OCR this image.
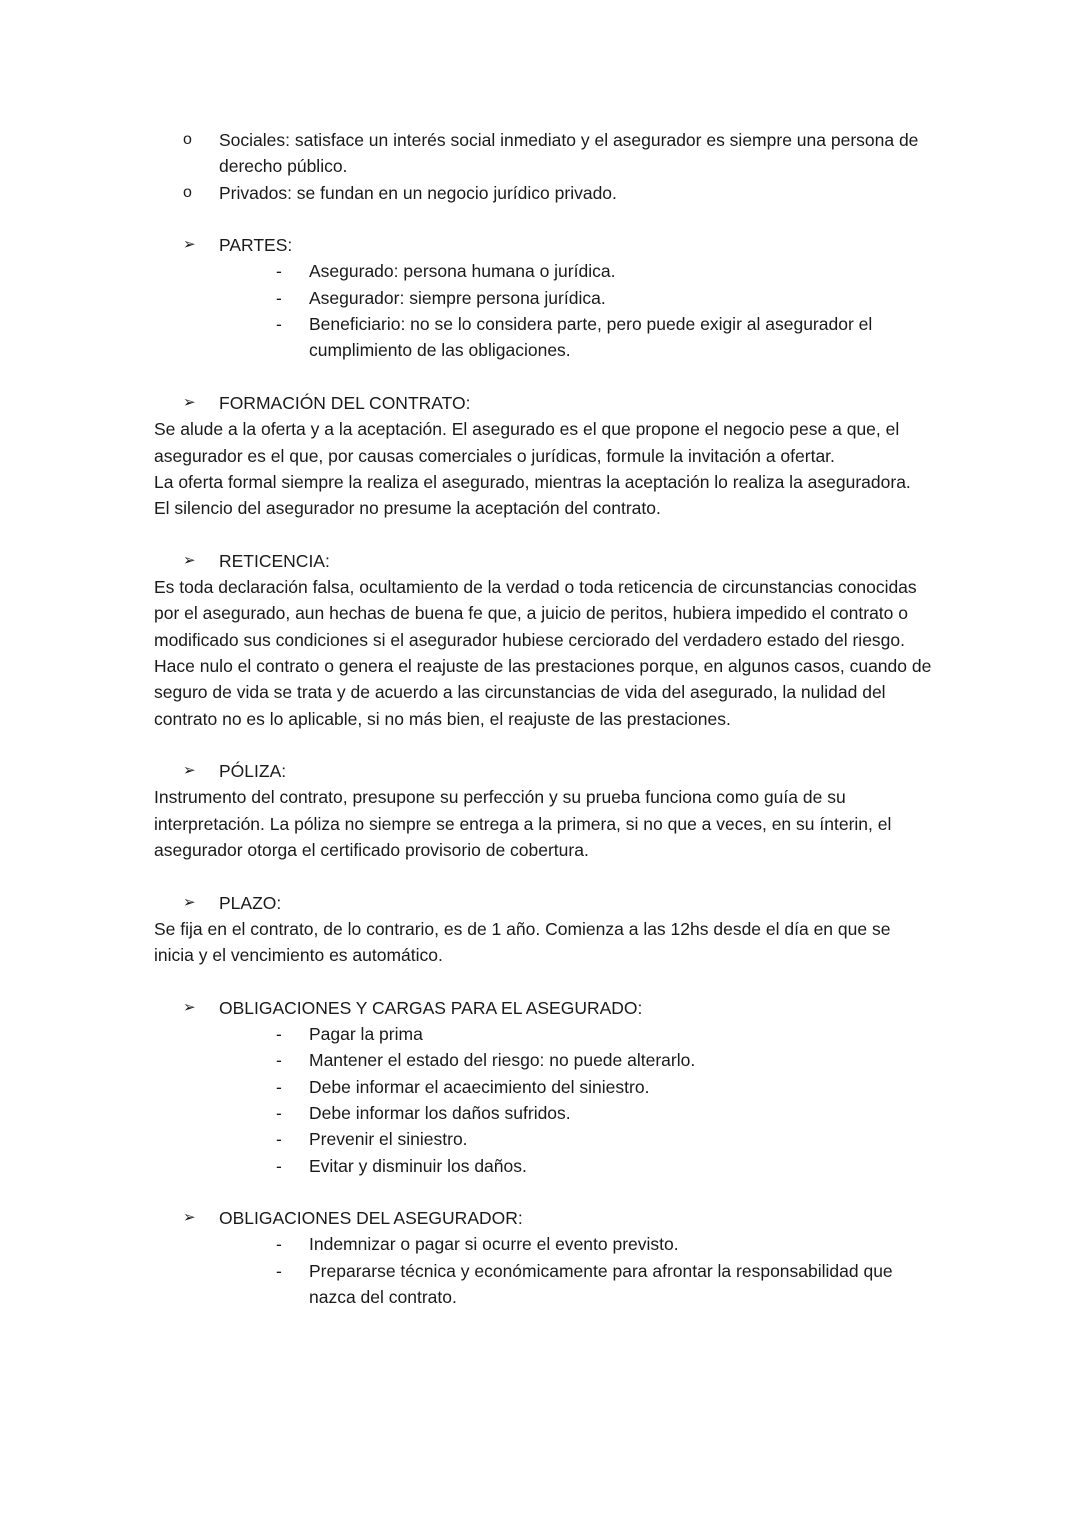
o Sociales: satisface un interés social inmediato y el asegurador es siempre una persona de derecho público.
o Privados: se fundan en un negocio jurídico privado.
➢ PARTES:
- Asegurado: persona humana o jurídica.
- Asegurador: siempre persona jurídica.
- Beneficiario: no se lo considera parte, pero puede exigir al asegurador el cumplimiento de las obligaciones.
➢ FORMACIÓN DEL CONTRATO:
Se alude a la oferta y a la aceptación. El asegurado es el que propone el negocio pese a que, el asegurador es el que, por causas comerciales o jurídicas, formule la invitación a ofertar.
La oferta formal siempre la realiza el asegurado, mientras la aceptación lo realiza la aseguradora.
El silencio del asegurador no presume la aceptación del contrato.
➢ RETICENCIA:
Es toda declaración falsa, ocultamiento de la verdad o toda reticencia de circunstancias conocidas por el asegurado, aun hechas de buena fe que, a juicio de peritos, hubiera impedido el contrato o modificado sus condiciones si el asegurador hubiese cerciorado del verdadero estado del riesgo. Hace nulo el contrato o genera el reajuste de las prestaciones porque, en algunos casos, cuando de seguro de vida se trata y de acuerdo a las circunstancias de vida del asegurado, la nulidad del contrato no es lo aplicable, si no más bien, el reajuste de las prestaciones.
➢ PÓLIZA:
Instrumento del contrato, presupone su perfección y su prueba funciona como guía de su interpretación. La póliza no siempre se entrega a la primera, si no que a veces, en su ínterin, el asegurador otorga el certificado provisorio de cobertura.
➢ PLAZO:
Se fija en el contrato, de lo contrario, es de 1 año. Comienza a las 12hs desde el día en que se inicia y el vencimiento es automático.
➢ OBLIGACIONES Y CARGAS PARA EL ASEGURADO:
- Pagar la prima
- Mantener el estado del riesgo: no puede alterarlo.
- Debe informar el acaecimiento del siniestro.
- Debe informar los daños sufridos.
- Prevenir el siniestro.
- Evitar y disminuir los daños.
➢ OBLIGACIONES DEL ASEGURADOR:
- Indemnizar o pagar si ocurre el evento previsto.
- Prepararse técnica y económicamente para afrontar la responsabilidad que nazca del contrato.
